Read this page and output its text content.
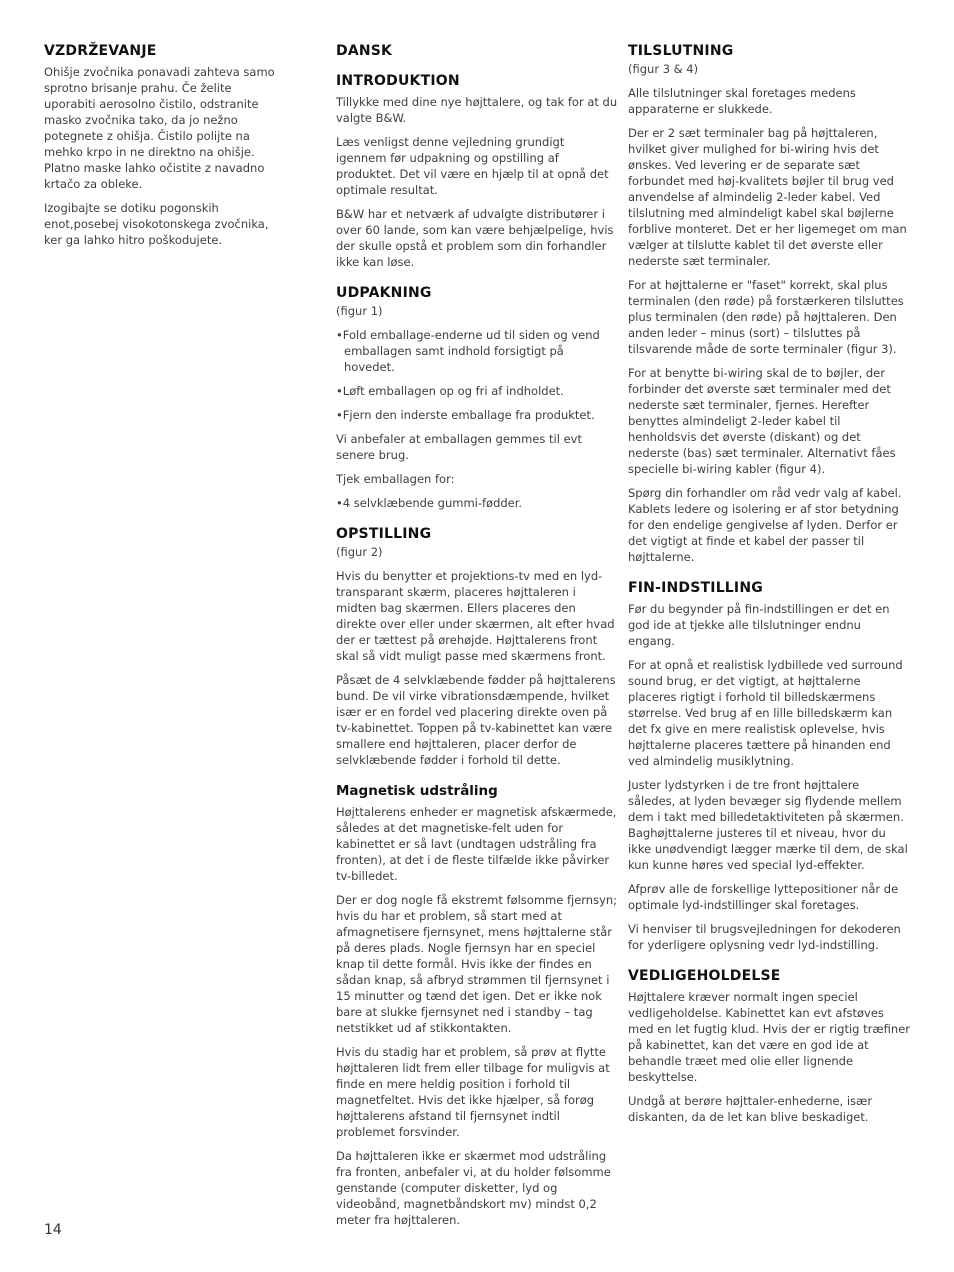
VZDRŽEVANJE

Ohišje zvočnika ponavadi zahteva samo sprotno brisanje prahu. Če želite uporabiti aerosolno čistilo, odstranite masko zvočnika tako, da jo nežno potegnete z ohišja. Čistilo polijte na mehko krpo in ne direktno na ohišje. Platno maske lahko očistite z navadno krtačo za obleke.

Izogibajte se dotiku pogonskih enot,posebej visokotonskega zvočnika, ker ga lahko hitro poškodujete.

DANSK
INTRODUKTION

Tillykke med dine nye højttalere, og tak for at du valgte B&W.

Læs venligst denne vejledning grundigt igennem før udpakning og opstilling af produktet. Det vil være en hjælp til at opnå det optimale resultat.

B&W har et netværk af udvalgte distributører i over 60 lande, som kan være behjælpelige, hvis der skulle opstå et problem som din forhandler ikke kan løse.

UDPAKNING
(figur 1)

•Fold emballage-enderne ud til siden og vend emballagen samt indhold forsigtigt på hovedet.

•Løft emballagen op og fri af indholdet.

•Fjern den inderste emballage fra produktet.

Vi anbefaler at emballagen gemmes til evt senere brug.

Tjek emballagen for:

•4 selvklæbende gummi-fødder.

OPSTILLING
(figur 2)

Hvis du benytter et projektions-tv med en lyd-transparant skærm, placeres højttaleren i midten bag skærmen. Ellers placeres den direkte over eller under skærmen, alt efter hvad der er tættest på ørehøjde. Højttalerens front skal så vidt muligt passe med skærmens front.

Påsæt de 4 selvklæbende fødder på højttalerens bund. De vil virke vibrationsdæmpende, hvilket især er en fordel ved placering direkte oven på tv-kabinettet. Toppen på tv-kabinettet kan være smallere end højttaleren, placer derfor de selvklæbende fødder i forhold til dette.

Magnetisk udstråling

Højttalerens enheder er magnetisk afskærmede, således at det magnetiske-felt uden for kabinettet er så lavt (undtagen udstråling fra fronten), at det i de fleste tilfælde ikke påvirker tv-billedet.

Der er dog nogle få ekstremt følsomme fjernsyn; hvis du har et problem, så start med at afmagnetisere fjernsynet, mens højttalerne står på deres plads. Nogle fjernsyn har en speciel knap til dette formål. Hvis ikke der findes en sådan knap, så afbryd strømmen til fjernsynet i 15 minutter og tænd det igen. Det er ikke nok bare at slukke fjernsynet ned i standby – tag netstikket ud af stikkontakten.

Hvis du stadig har et problem, så prøv at flytte højttaleren lidt frem eller tilbage for muligvis at finde en mere heldig position i forhold til magnetfeltet. Hvis det ikke hjælper, så forøg højttalerens afstand til fjernsynet indtil problemet forsvinder.

Da højttaleren ikke er skærmet mod udstråling fra fronten, anbefaler vi, at du holder følsomme genstande (computer disketter, lyd og videobånd, magnetbåndskort mv) mindst 0,2 meter fra højttaleren.

TILSLUTNING
(figur 3 & 4)

Alle tilslutninger skal foretages medens apparaterne er slukkede.

Der er 2 sæt terminaler bag på højttaleren, hvilket giver mulighed for bi-wiring hvis det ønskes. Ved levering er de separate sæt forbundet med høj-kvalitets bøjler til brug ved anvendelse af almindelig 2-leder kabel. Ved tilslutning med almindeligt kabel skal bøjlerne forblive monteret. Det er her ligemeget om man vælger at tilslutte kablet til det øverste eller nederste sæt terminaler.

For at højttalerne er "faset" korrekt, skal plus terminalen (den røde) på forstærkeren tilsluttes plus terminalen (den røde) på højttaleren. Den anden leder – minus (sort) – tilsluttes på tilsvarende måde de sorte terminaler (figur 3).

For at benytte bi-wiring skal de to bøjler, der forbinder det øverste sæt terminaler med det nederste sæt terminaler, fjernes. Herefter benyttes almindeligt 2-leder kabel til henholdsvis det øverste (diskant) og det nederste (bas) sæt terminaler. Alternativt fåes specielle bi-wiring kabler (figur 4).

Spørg din forhandler om råd vedr valg af kabel. Kablets ledere og isolering er af stor betydning for den endelige gengivelse af lyden. Derfor er det vigtigt at finde et kabel der passer til højttalerne.

FIN-INDSTILLING

Før du begynder på fin-indstillingen er det en god ide at tjekke alle tilslutninger endnu engang.

For at opnå et realistisk lydbillede ved surround sound brug, er det vigtigt, at højttalerne placeres rigtigt i forhold til billedskærmens størrelse. Ved brug af en lille billedskærm kan det fx give en mere realistisk oplevelse, hvis højttalerne placeres tættere på hinanden end ved almindelig musiklytning.

Juster lydstyrken i de tre front højttalere således, at lyden bevæger sig flydende mellem dem i takt med billedetaktiviteten på skærmen. Baghøjttalerne justeres til et niveau, hvor du ikke unødvendigt lægger mærke til dem, de skal kun kunne høres ved special lyd-effekter.

Afprøv alle de forskellige lyttepositioner når de optimale lyd-indstillinger skal foretages.

Vi henviser til brugsvejledningen for dekoderen for yderligere oplysning vedr lyd-indstilling.

VEDLIGEHOLDELSE

Højttalere kræver normalt ingen speciel vedligeholdelse. Kabinettet kan evt afstøves med en let fugtig klud. Hvis der er rigtig træfiner på kabinettet, kan det være en god ide at behandle træet med olie eller lignende beskyttelse.

Undgå at berøre højttaler-enhederne, især diskanten, da de let kan blive beskadiget.

14
